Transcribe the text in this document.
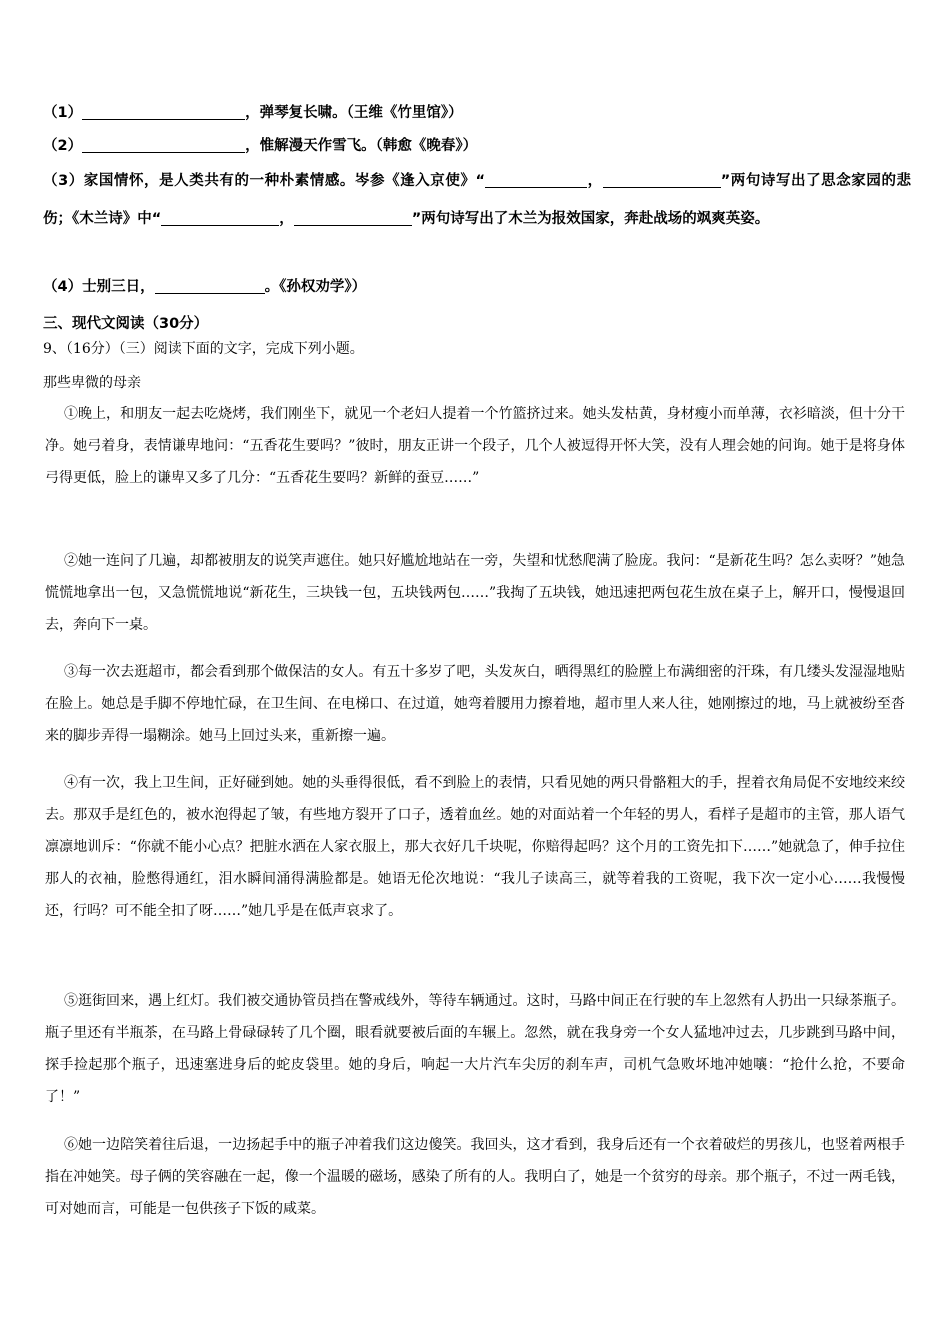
（1）	，弹琴复长啸。（王维《竹里馆》）
（2）	，惟解漫天作雪飞。（韩愈《晚春》）
（3）家国情怀，是人类共有的一种朴素情感。岑参《逢入京使》“	，	”两句诗写出了思念家园的悲伤；《木兰诗》中“	，	”两句诗写出了木兰为报效国家，奔赴战场的飒爽英姿。
（4）士别三日，	。《孙权劝学》）
三、现代文阅读（30分）
9、（16分）（三）阅读下面的文字，完成下列小题。
那些卑微的母亲
①晚上，和朋友一起去吃烧烤，我们刚坐下，就见一个老妇人提着一个竹篮挤过来。她头发枯黄，身材瘦小而单薄，衣衫暗淡，但十分干净。她弓着身，表情谦卑地问：“五香花生要吗？”彼时，朋友正讲一个段子，几个人被逗得开怀大笑，没有人理会她的问询。她于是将身体弓得更低，脸上的谦卑又多了几分：“五香花生要吗？新鲜的蚕豆……”
②她一连问了几遍，却都被朋友的说笑声遮住。她只好尴尬地站在一旁，失望和忧愁爬满了脸庞。我问：“是新花生吗？怎么卖呀？”她急慌慌地拿出一包，又急慌慌地说“新花生，三块钱一包，五块钱两包……”我掏了五块钱，她迅速把两包花生放在桌子上，解开口，慢慢退回去，奔向下一桌。
③每一次去逛超市，都会看到那个做保洁的女人。有五十多岁了吧，头发灰白，晒得黑红的脸膛上布满细密的汗珠，有几缕头发湿湿地贴在脸上。她总是手脚不停地忙碌，在卫生间、在电梯口、在过道，她弯着腰用力擦着地，超市里人来人往，她刚擦过的地，马上就被纷至沓来的脚步弄得一塌糊涂。她马上回过头来，重新擦一遍。
④有一次，我上卫生间，正好碰到她。她的头垂得很低，看不到脸上的表情，只看见她的两只骨骼粗大的手，捏着衣角局促不安地绞来绞去。那双手是红色的，被水泡得起了皱，有些地方裂开了口子，透着血丝。她的对面站着一个年轻的男人，看样子是超市的主管，那人语气凛凛地训斥：“你就不能小心点？把脏水洒在人家衣服上，那大衣好几千块呢，你赔得起吗？这个月的工资先扣下……”她就急了，伸手拉住那人的衣袖，脸憋得通红，泪水瞬间涌得满脸都是。她语无伦次地说：“我儿子读高三，就等着我的工资呢，我下次一定小心……我慢慢还，行吗？可不能全扣了呀……”她几乎是在低声哀求了。
⑤逛街回来，遇上红灯。我们被交通协管员挡在警戒线外，等待车辆通过。这时，马路中间正在行驶的车上忽然有人扔出一只绿茶瓶子。瓶子里还有半瓶茶，在马路上骨碌碌转了几个圈，眼看就要被后面的车辗上。忽然，就在我身旁一个女人猛地冲过去，几步跳到马路中间，探手捡起那个瓶子，迅速塞进身后的蛇皮袋里。她的身后，响起一大片汽车尖厉的刹车声，司机气急败坏地冲她嚷：“抢什么抢，不要命了！”
⑥她一边陪笑着往后退，一边扬起手中的瓶子冲着我们这边傻笑。我回头，这才看到，我身后还有一个衣着破烂的男孩儿，也竖着两根手指在冲她笑。母子俩的笑容融在一起，像一个温暖的磁场，感染了所有的人。我明白了，她是一个贫穷的母亲。那个瓶子，不过一两毛钱，可对她而言，可能是一包供孩子下饭的咸菜。
